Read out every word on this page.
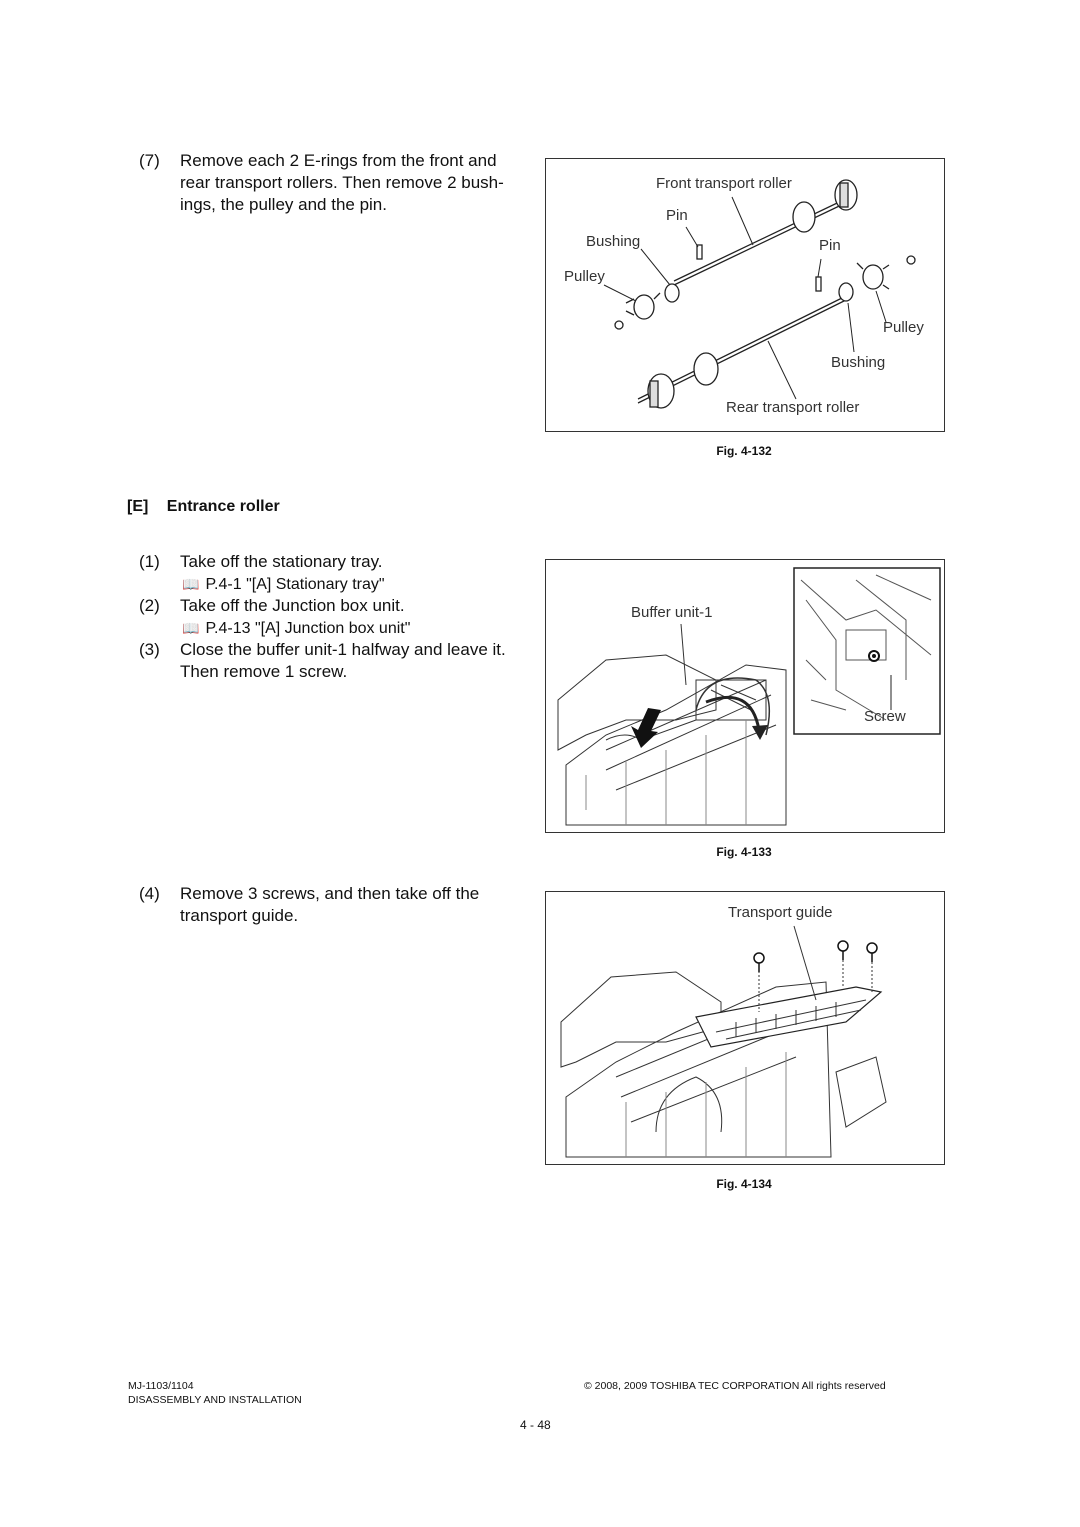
(7) Remove each 2 E-rings from the front and
rear transport rollers. Then remove 2 bush-
ings, the pulley and the pin.
Front transport roller
Pin
Bushing	Pin
Pulley
Pulley
Bushing
Rear transport roller
Fig. 4-132
[E] Entrance roller
(1) Take off the stationary tray.
📖 P.4-1 "[A] Stationary tray"
(2) Take off the Junction box unit.
📖 P.4-13 "[A] Junction box unit"
(3) Close the buffer unit-1 halfway and leave it.
Then remove 1 screw.
Buffer unit-1
Screw
Fig. 4-133
(4) Remove 3 screws, and then take off the
transport guide.	Transport guide
Fig. 4-134
MJ-1103/1104
DISASSEMBLY AND INSTALLATION
© 2008, 2009 TOSHIBA TEC CORPORATION All rights reserved
4 - 48
